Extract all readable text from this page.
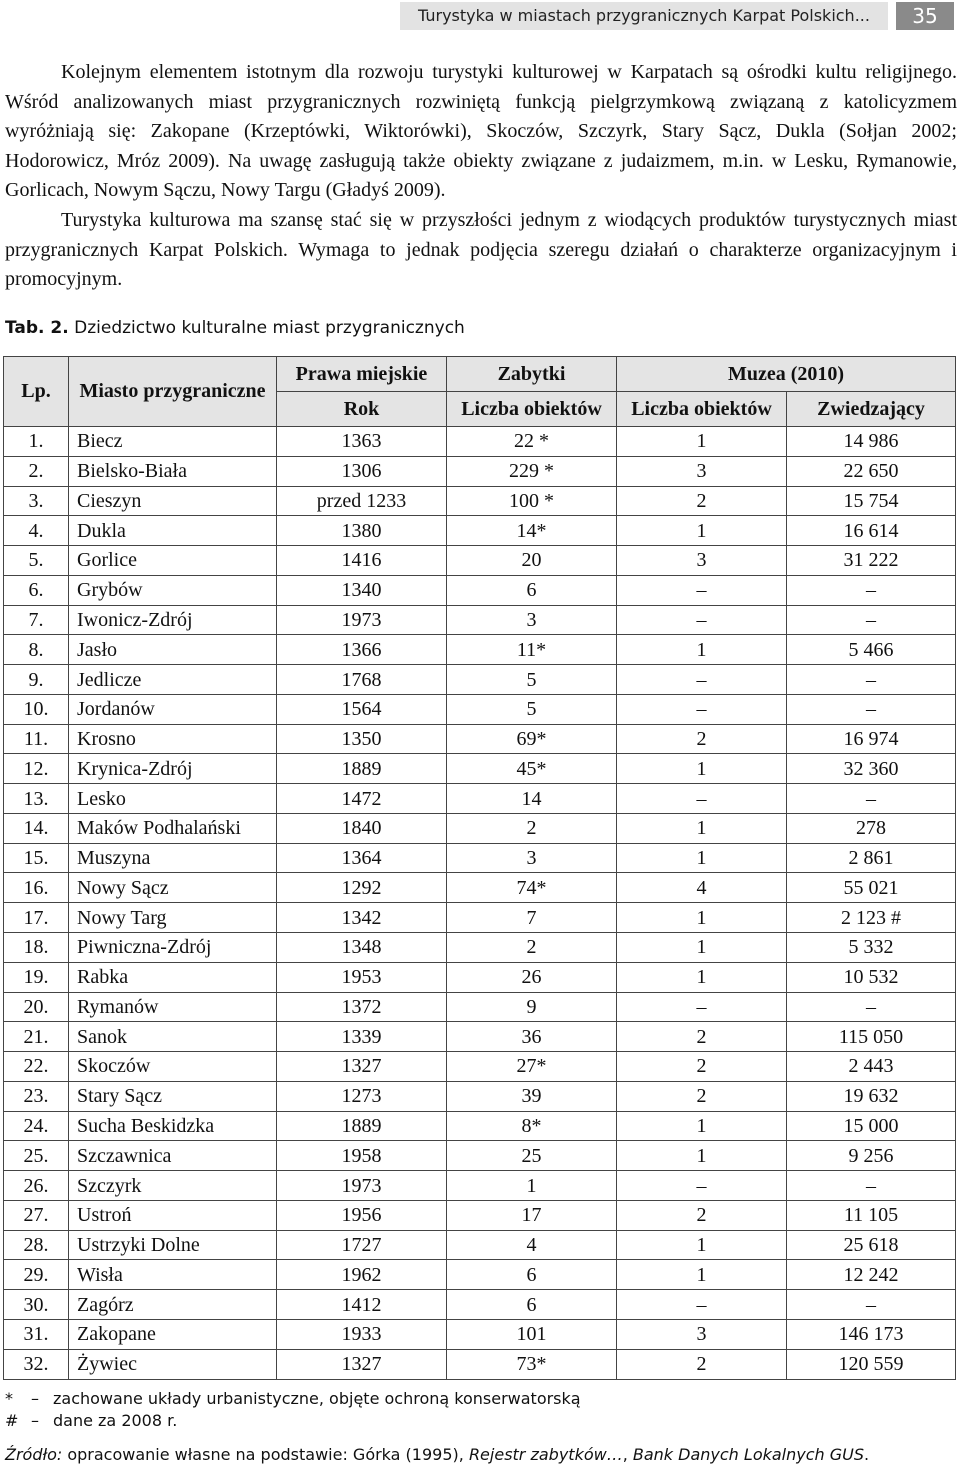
Turystyka w miastach przygranicznych Karpat Polskich...	35

Kolejnym elementem istotnym dla rozwoju turystyki kulturowej w Karpatach są ośrodki kultu religijnego. Wśród analizowanych miast przygranicznych rozwiniętą funkcją pielgrzymkową związaną z katolicyzmem wyróżniają się: Zakopane (Krzeptówki, Wiktorówki), Skoczów, Szczyrk, Stary Sącz, Dukla (Sołjan 2002; Hodorowicz, Mróz 2009). Na uwagę zasługują także obiekty związane z judaizmem, m.in. w Lesku, Rymanowie, Gorlicach, Nowym Sączu, Nowy Targu (Gładyś 2009).

Turystyka kulturowa ma szansę stać się w przyszłości jednym z wiodących produktów turystycznych miast przygranicznych Karpat Polskich. Wymaga to jednak podjęcia szeregu działań o charakterze organizacyjnym i promocyjnym.

Tab. 2. Dziedzictwo kulturalne miast przygranicznych
Lp.	Miasto przygraniczne	Prawa miejskie	Zabytki	Muzea (2010)	
		Rok	Liczba obiektów	Liczba obiektów	Zwiedzający
1.	Biecz	1363	22 *	1	14 986
2.	Bielsko-Biała	1306	229 *	3	22 650
3.	Cieszyn	przed 1233	100 *	2	15 754
4.	Dukla	1380	14*	1	16 614
5.	Gorlice	1416	20	3	31 222
6.	Grybów	1340	6	–	–
7.	Iwonicz-Zdrój	1973	3	–	–
8.	Jasło	1366	11*	1	5 466
9.	Jedlicze	1768	5	–	–
10.	Jordanów	1564	5	–	–
11.	Krosno	1350	69*	2	16 974
12.	Krynica-Zdrój	1889	45*	1	32 360
13.	Lesko	1472	14	–	–
14.	Maków Podhalański	1840	2	1	278
15.	Muszyna	1364	3	1	2 861
16.	Nowy Sącz	1292	74*	4	55 021
17.	Nowy Targ	1342	7	1	2 123 #
18.	Piwniczna-Zdrój	1348	2	1	5 332
19.	Rabka	1953	26	1	10 532
20.	Rymanów	1372	9	–	–
21.	Sanok	1339	36	2	115 050
22.	Skoczów	1327	27*	2	2 443
23.	Stary Sącz	1273	39	2	19 632
24.	Sucha Beskidzka	1889	8*	1	15 000
25.	Szczawnica	1958	25	1	9 256
26.	Szczyrk	1973	1	–	–
27.	Ustroń	1956	17	2	11 105
28.	Ustrzyki Dolne	1727	4	1	25 618
29.	Wisła	1962	6	1	12 242
30.	Zagórz	1412	6	–	–
31.	Zakopane	1933	101	3	146 173
32.	Żywiec	1327	73*	2	120 559
*	– zachowane układy urbanistyczne, objęte ochroną konserwatorską
# – dane za 2008 r.
Źródło: opracowanie własne na podstawie: Górka (1995), Rejestr zabytków…, Bank Danych Lokalnych GUS.
